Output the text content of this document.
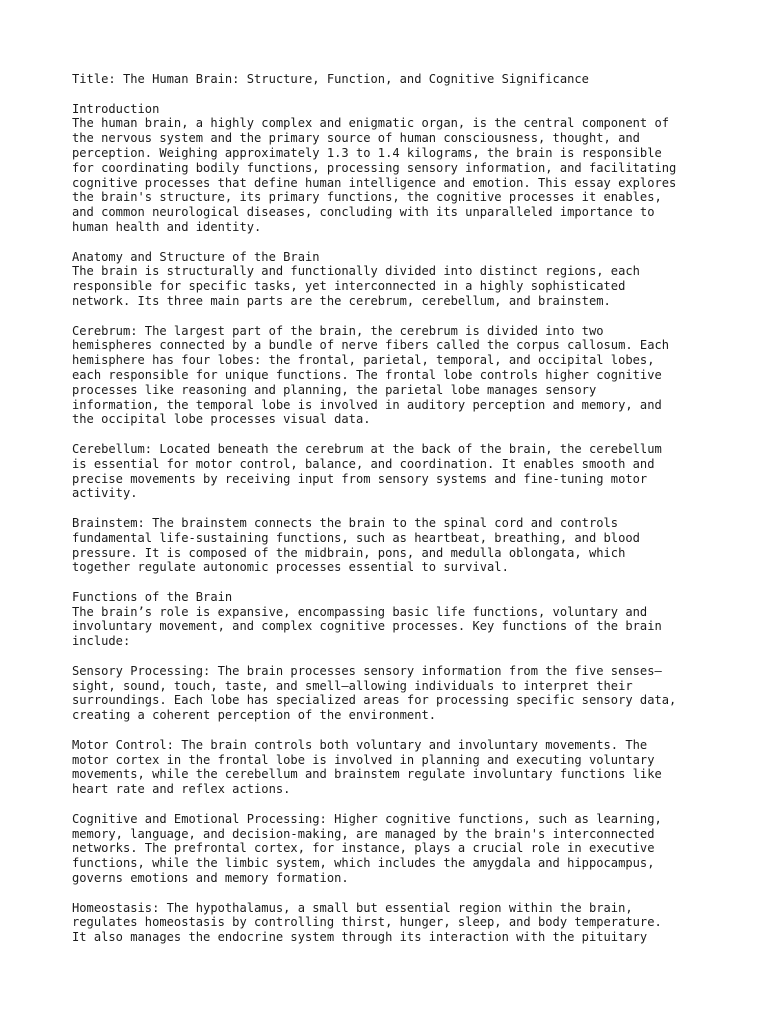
Title: The Human Brain: Structure, Function, and Cognitive Significance
Introduction
The human brain, a highly complex and enigmatic organ, is the central component of
the nervous system and the primary source of human consciousness, thought, and
perception. Weighing approximately 1.3 to 1.4 kilograms, the brain is responsible
for coordinating bodily functions, processing sensory information, and facilitating
cognitive processes that define human intelligence and emotion. This essay explores
the brain's structure, its primary functions, the cognitive processes it enables,
and common neurological diseases, concluding with its unparalleled importance to
human health and identity.
Anatomy and Structure of the Brain
The brain is structurally and functionally divided into distinct regions, each
responsible for specific tasks, yet interconnected in a highly sophisticated
network. Its three main parts are the cerebrum, cerebellum, and brainstem.
Cerebrum: The largest part of the brain, the cerebrum is divided into two
hemispheres connected by a bundle of nerve fibers called the corpus callosum. Each
hemisphere has four lobes: the frontal, parietal, temporal, and occipital lobes,
each responsible for unique functions. The frontal lobe controls higher cognitive
processes like reasoning and planning, the parietal lobe manages sensory
information, the temporal lobe is involved in auditory perception and memory, and
the occipital lobe processes visual data.
Cerebellum: Located beneath the cerebrum at the back of the brain, the cerebellum
is essential for motor control, balance, and coordination. It enables smooth and
precise movements by receiving input from sensory systems and fine-tuning motor
activity.
Brainstem: The brainstem connects the brain to the spinal cord and controls
fundamental life-sustaining functions, such as heartbeat, breathing, and blood
pressure. It is composed of the midbrain, pons, and medulla oblongata, which
together regulate autonomic processes essential to survival.
Functions of the Brain
The brain’s role is expansive, encompassing basic life functions, voluntary and
involuntary movement, and complex cognitive processes. Key functions of the brain
include:
Sensory Processing: The brain processes sensory information from the five senses—
sight, sound, touch, taste, and smell—allowing individuals to interpret their
surroundings. Each lobe has specialized areas for processing specific sensory data,
creating a coherent perception of the environment.
Motor Control: The brain controls both voluntary and involuntary movements. The
motor cortex in the frontal lobe is involved in planning and executing voluntary
movements, while the cerebellum and brainstem regulate involuntary functions like
heart rate and reflex actions.
Cognitive and Emotional Processing: Higher cognitive functions, such as learning,
memory, language, and decision-making, are managed by the brain's interconnected
networks. The prefrontal cortex, for instance, plays a crucial role in executive
functions, while the limbic system, which includes the amygdala and hippocampus,
governs emotions and memory formation.
Homeostasis: The hypothalamus, a small but essential region within the brain,
regulates homeostasis by controlling thirst, hunger, sleep, and body temperature.
It also manages the endocrine system through its interaction with the pituitary
